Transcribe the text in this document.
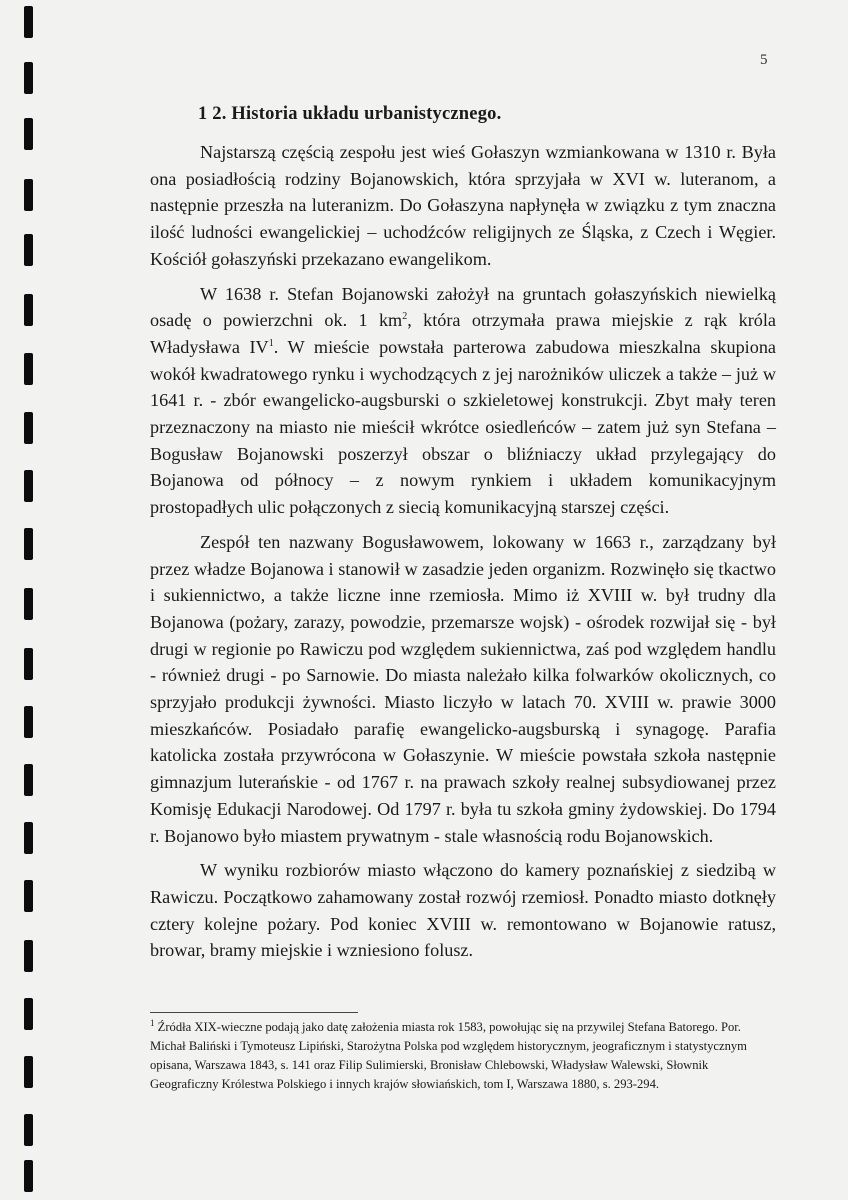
5
1 2. Historia układu urbanistycznego.

Najstarszą częścią zespołu jest wieś Gołaszyn wzmiankowana w 1310 r. Była ona posiadłością rodziny Bojanowskich, która sprzyjała w XVI w. luteranom, a następnie przeszła na luteranizm. Do Gołaszyna napłynęła w związku z tym znaczna ilość ludności ewangelickiej – uchodźców religijnych ze Śląska, z Czech i Węgier. Kościół gołaszyński przekazano ewangelikom.

W 1638 r. Stefan Bojanowski założył na gruntach gołaszyńskich niewielką osadę o powierzchni ok. 1 $km^2$, która otrzymała prawa miejskie z rąk króla Władysława $IV^1$. W mieście powstała parterowa zabudowa mieszkalna skupiona wokół kwadratowego rynku i wychodzących z jej narożników uliczek a także – już w 1641 r. - zbór ewangelicko-augsburski o szkieletowej konstrukcji. Zbyt mały teren przeznaczony na miasto nie mieścił wkrótce osiedleńców – zatem już syn Stefana – Bogusław Bojanowski poszerzył obszar o bliźniaczy układ przylegający do Bojanowa od północy – z nowym rynkiem i układem komunikacyjnym prostopadłych ulic połączonych z siecią komunikacyjną starszej części.

Zespół ten nazwany Bogusławowem, lokowany w 1663 r., zarządzany był przez władze Bojanowa i stanowił w zasadzie jeden organizm. Rozwinęło się tkactwo i sukiennictwo, a także liczne inne rzemiosła. Mimo iż XVIII w. był trudny dla Bojanowa (pożary, zarazy, powodzie, przemarsze wojsk) - ośrodek rozwijał się - był drugi w regionie po Rawiczu pod względem sukiennictwa, zaś pod względem handlu - również drugi - po Sarnowie. Do miasta należało kilka folwarków okolicznych, co sprzyjało produkcji żywności. Miasto liczyło w latach 70. XVIII w. prawie 3000 mieszkańców. Posiadało parafię ewangelicko-augsburską i synagogę. Parafia katolicka została przywrócona w Gołaszynie. W mieście powstała szkoła następnie gimnazjum luterańskie - od 1767 r. na prawach szkoły realnej subsydiowanej przez Komisję Edukacji Narodowej. Od 1797 r. była tu szkoła gminy żydowskiej. Do 1794 r. Bojanowo było miastem prywatnym - stale własnością rodu Bojanowskich.

W wyniku rozbiorów miasto włączono do kamery poznańskiej z siedzibą w Rawiczu. Początkowo zahamowany został rozwój rzemiosł. Ponadto miasto dotknęły cztery kolejne pożary. Pod koniec XVIII w. remontowano w Bojanowie ratusz, browar, bramy miejskie i wzniesiono folusz.

$^1$ Źródła XIX-wieczne podają jako datę założenia miasta rok 1583, powołując się na przywilej Stefana Batorego. Por. Michał Baliński i Tymoteusz Lipiński, Starożytna Polska pod względem historycznym, jeograficznym i statystycznym opisana, Warszawa 1843, s. 141 oraz Filip Sulimierski, Bronisław Chlebowski, Władysław Walewski, Słownik Geograficzny Królestwa Polskiego i innych krajów słowiańskich, tom I, Warszawa 1880, s. 293-294.
